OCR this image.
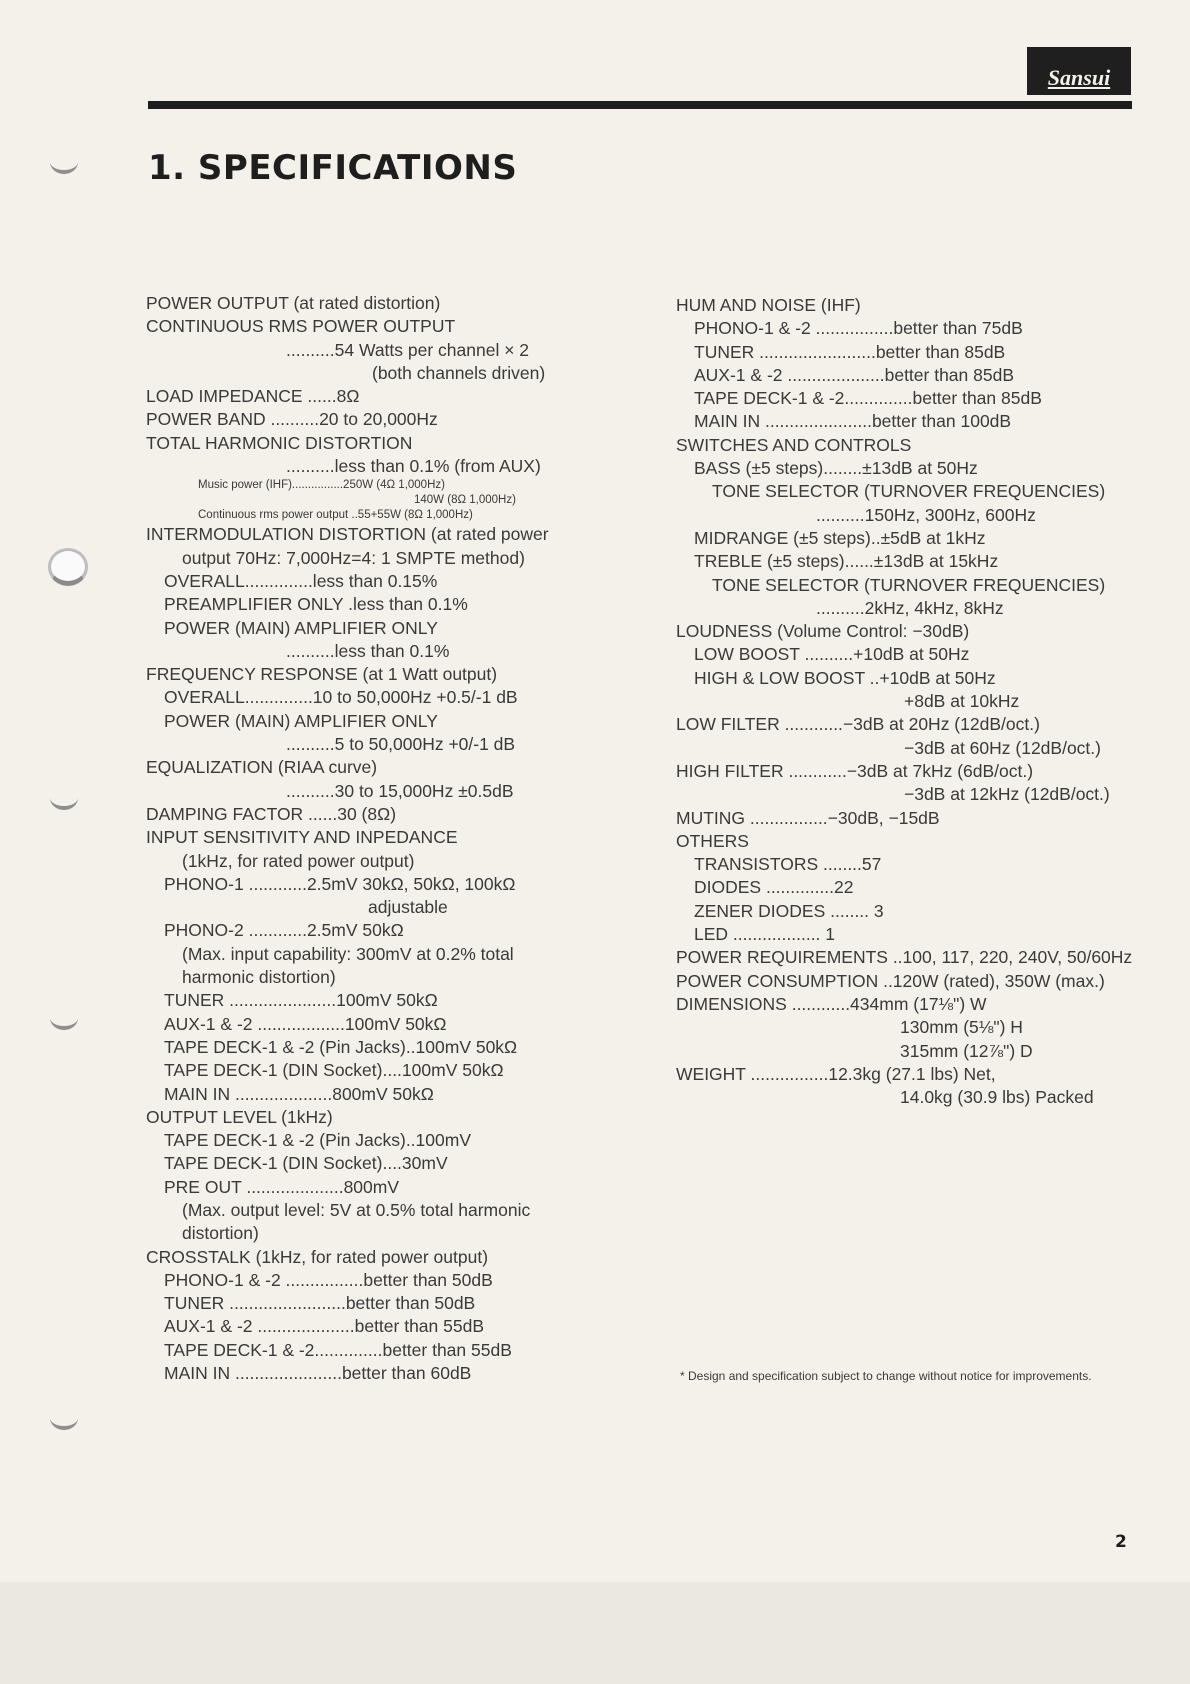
Sansui
1. SPECIFICATIONS
POWER OUTPUT (at rated distortion)
CONTINUOUS RMS POWER OUTPUT
..........54 Watts per channel × 2
(both channels driven)
LOAD IMPEDANCE ......8Ω
POWER BAND ..........20 to 20,000Hz
TOTAL HARMONIC DISTORTION
..........less than 0.1% (from AUX)
Music power (IHF)................250W (4Ω 1,000Hz)
140W (8Ω 1,000Hz)
Continuous rms power output ..55+55W (8Ω 1,000Hz)
INTERMODULATION DISTORTION (at rated power
output 70Hz: 7,000Hz=4: 1 SMPTE method)
OVERALL..............less than 0.15%
PREAMPLIFIER ONLY .less than 0.1%
POWER (MAIN) AMPLIFIER ONLY
..........less than 0.1%
FREQUENCY RESPONSE (at 1 Watt output)
OVERALL..............10 to 50,000Hz +0.5/-1 dB
POWER (MAIN) AMPLIFIER ONLY
..........5 to 50,000Hz +0/-1 dB
EQUALIZATION (RIAA curve)
..........30 to 15,000Hz ±0.5dB
DAMPING FACTOR ......30 (8Ω)
INPUT SENSITIVITY AND INPEDANCE
(1kHz, for rated power output)
PHONO-1 ............2.5mV 30kΩ, 50kΩ, 100kΩ
adjustable
PHONO-2 ............2.5mV 50kΩ
(Max. input capability: 300mV at 0.2% total
harmonic distortion)
TUNER ......................100mV 50kΩ
AUX-1 & -2 ..................100mV 50kΩ
TAPE DECK-1 & -2 (Pin Jacks)..100mV 50kΩ
TAPE DECK-1 (DIN Socket)....100mV 50kΩ
MAIN IN ....................800mV 50kΩ
OUTPUT LEVEL (1kHz)
TAPE DECK-1 & -2 (Pin Jacks)..100mV
TAPE DECK-1 (DIN Socket)....30mV
PRE OUT ....................800mV
(Max. output level: 5V at 0.5% total harmonic
distortion)
CROSSTALK (1kHz, for rated power output)
PHONO-1 & -2 ................better than 50dB
TUNER ........................better than 50dB
AUX-1 & -2 ....................better than 55dB
TAPE DECK-1 & -2..............better than 55dB
MAIN IN ......................better than 60dB
HUM AND NOISE (IHF)
PHONO-1 & -2 ................better than 75dB
TUNER ........................better than 85dB
AUX-1 & -2 ....................better than 85dB
TAPE DECK-1 & -2..............better than 85dB
MAIN IN ......................better than 100dB
SWITCHES AND CONTROLS
BASS (±5 steps)........±13dB at 50Hz
TONE SELECTOR (TURNOVER FREQUENCIES)
..........150Hz, 300Hz, 600Hz
MIDRANGE (±5 steps)..±5dB at 1kHz
TREBLE (±5 steps)......±13dB at 15kHz
TONE SELECTOR (TURNOVER FREQUENCIES)
..........2kHz, 4kHz, 8kHz
LOUDNESS (Volume Control: −30dB)
LOW BOOST ..........+10dB at 50Hz
HIGH & LOW BOOST ..+10dB at 50Hz
+8dB at 10kHz
LOW FILTER ............−3dB at 20Hz (12dB/oct.)
−3dB at 60Hz (12dB/oct.)
HIGH FILTER ............−3dB at 7kHz (6dB/oct.)
−3dB at 12kHz (12dB/oct.)
MUTING ................−30dB, −15dB
OTHERS
TRANSISTORS ........57
DIODES ..............22
ZENER DIODES ........ 3
LED .................. 1
POWER REQUIREMENTS ..100, 117, 220, 240V, 50/60Hz
POWER CONSUMPTION ..120W (rated), 350W (max.)
DIMENSIONS ............434mm (17⅛") W
130mm (5⅛") H
315mm (12⅞") D
WEIGHT ................12.3kg (27.1 lbs) Net,
14.0kg (30.9 lbs) Packed
* Design and specification subject to change without notice for improvements.
2
